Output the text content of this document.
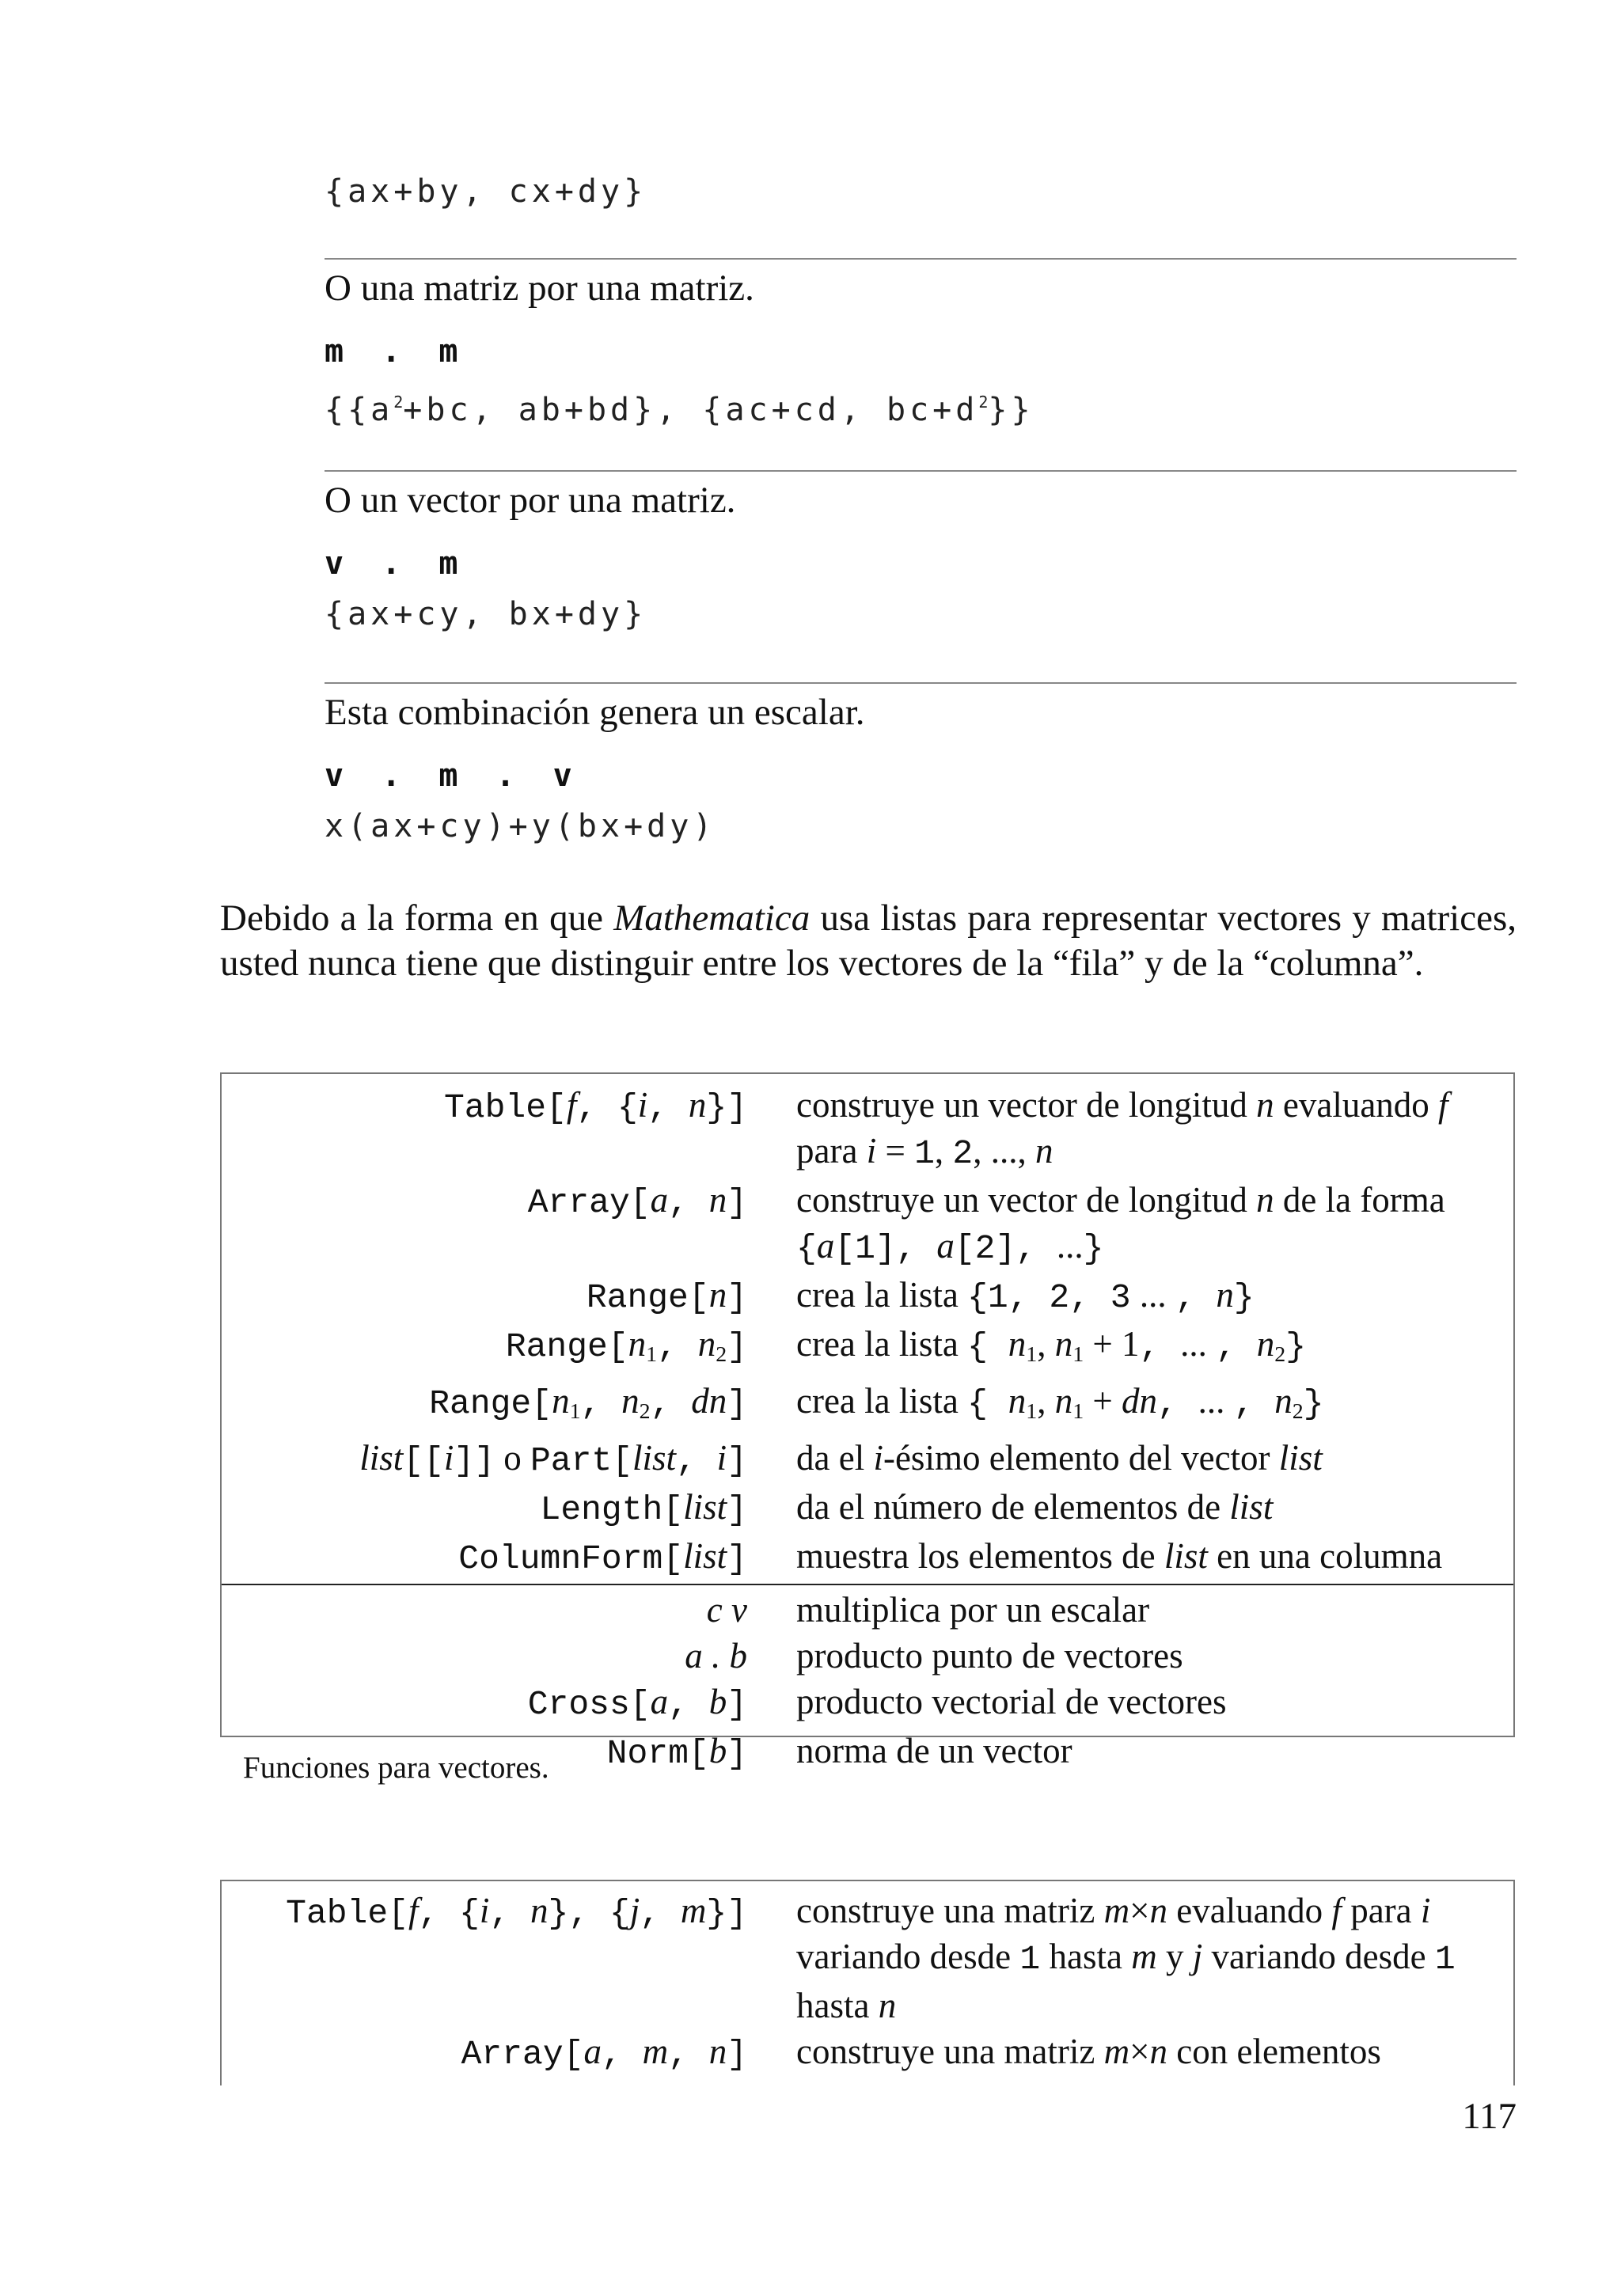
{ax+by, cx+dy}
O una matriz por una matriz.
m . m
{{$a^2+bc$, ab+bd}, {ac+cd, $bc+d^2$}}
O un vector por una matriz.
v . m
{ax+cy, bx+dy}
Esta combinación genera un escalar.
v . m . v
x(ax+cy)+y(bx+dy)
Debido a la forma en que Mathematica usa listas para representar vectores y matrices, usted nunca tiene que distinguir entre los vectores de la “fila” y de la “columna”.
Table[f, {i, n}]	construye un vector de longitud n evaluando f para i = 1, 2, ..., n
Array[a, n]	construye un vector de longitud n de la forma {a[1], a[2], ...}
Range[n]	crea la lista {1, 2, 3 ... , n}
$Range[n_1$, $n_2$]	crea la lista { $n_1$, $n_1 + 1$, ... , $n_2$}
$Range[n_1$, $n_2$, dn]	crea la lista { $n_1$, $n_1$ + dn, ... , $n_2$}
list[[i]] o Part[list, i]	da el i-ésimo elemento del vector list
Length[list]	da el número de elementos de list
ColumnForm[list]	muestra los elementos de list en una columna
c v	multiplica por un escalar
a . b	producto punto de vectores
Cross[a, b]	producto vectorial de vectores
Norm[b]	norma de un vector
Funciones para vectores.
Table[f, {i, n}, {j, m}]	construye una matriz m×n evaluando f para i variando desde 1 hasta m y j variando desde 1 hasta n
Array[a, m, n]	construye una matriz m×n con elementos
117
